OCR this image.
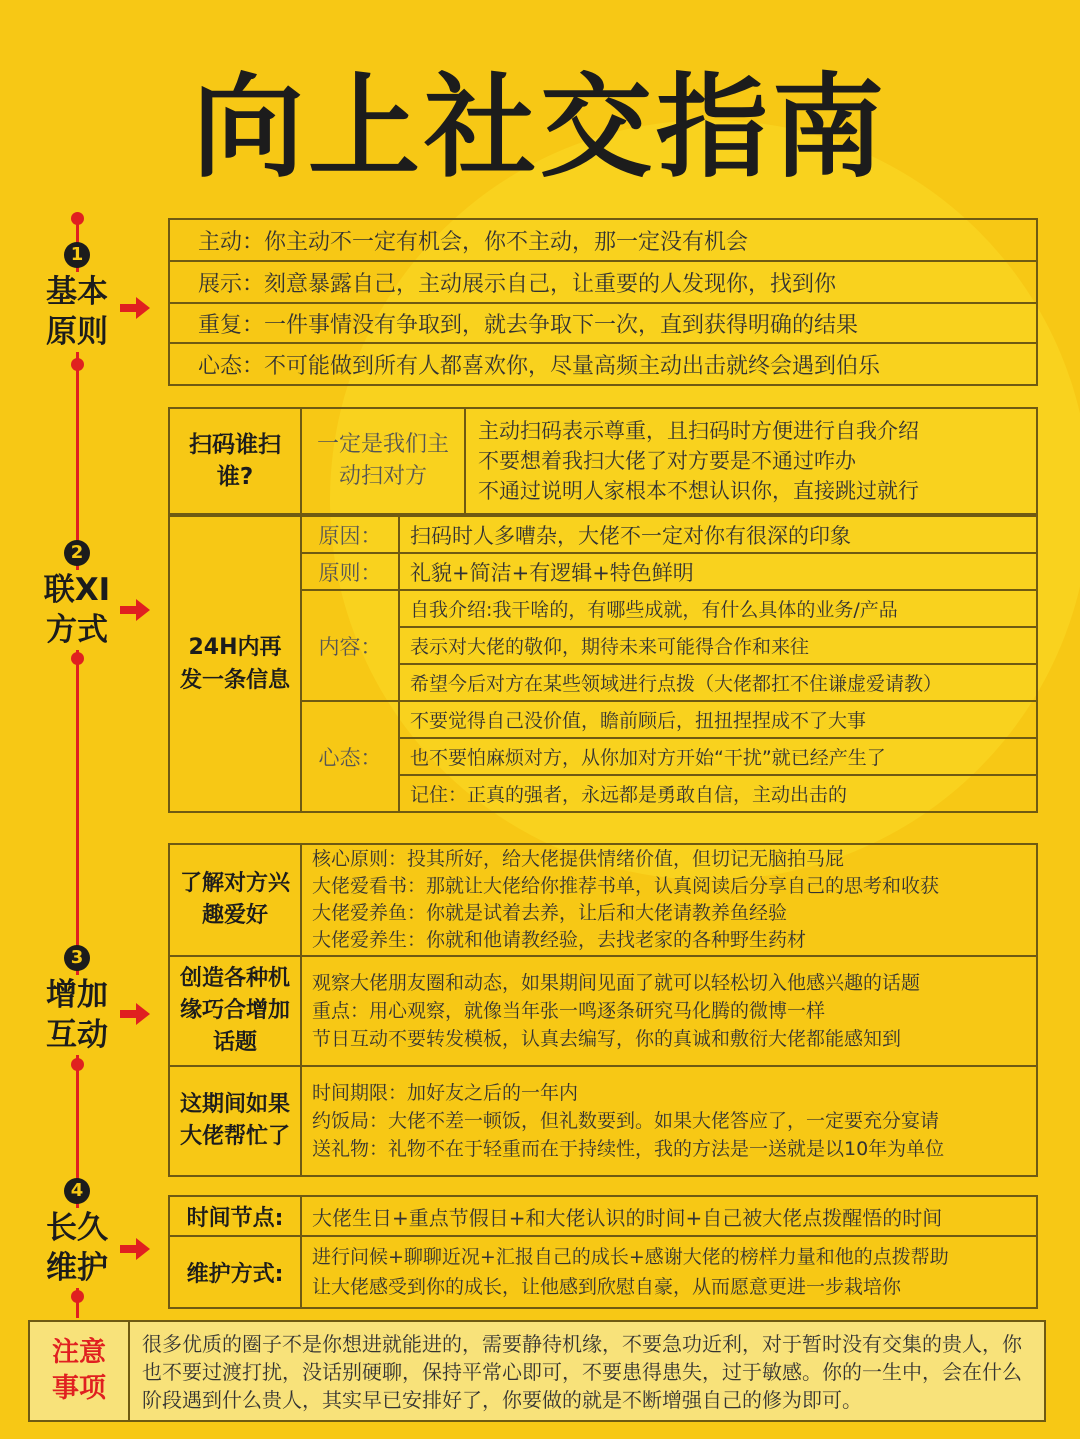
向上社交指南
1
基本原则
2
联XI方式
3
增加互动
4
长久维护
主动：你主动不一定有机会，你不主动，那一定没有机会
展示：刻意暴露自己，主动展示自己，让重要的人发现你，找到你
重复：一件事情没有争取到，就去争取下一次，直到获得明确的结果
心态：不可能做到所有人都喜欢你，尽量高频主动出击就终会遇到伯乐
扫码谁扫谁?	一定是我们主动扫对方	
主动扫码表示尊重，且扫码时方便进行自我介绍
不要想着我扫大佬了对方要是不通过咋办
不通过说明人家根本不想认识你，直接跳过就行
24H内再发一条信息	原因：	扫码时人多嘈杂，大佬不一定对你有很深的印象
	原则：	礼貌+简洁+有逻辑+特色鲜明
	内容：	自我介绍:我干啥的，有哪些成就，有什么具体的业务/产品
		表示对大佬的敬仰，期待未来可能得合作和来往
		希望今后对方在某些领域进行点拨（大佬都扛不住谦虚爱请教）
	心态：	不要觉得自己没价值，瞻前顾后，扭扭捏捏成不了大事
		也不要怕麻烦对方，从你加对方开始“干扰”就已经产生了
		记住：正真的强者，永远都是勇敢自信，主动出击的
了解对方兴趣爱好	核心原则：投其所好，给大佬提供情绪价值，但切记无脑拍马屁
大佬爱看书：那就让大佬给你推荐书单，认真阅读后分享自己的思考和收获
大佬爱养鱼：你就是试着去养，让后和大佬请教养鱼经验
大佬爱养生：你就和他请教经验，去找老家的各种野生药材

创造各种机缘巧合增加话题	观察大佬朋友圈和动态，如果期间见面了就可以轻松切入他感兴趣的话题
重点：用心观察，就像当年张一鸣逐条研究马化腾的微博一样
节日互动不要转发模板，认真去编写，你的真诚和敷衍大佬都能感知到

这期间如果大佬帮忙了	时间期限：加好友之后的一年内
约饭局：大佬不差一顿饭，但礼数要到。如果大佬答应了，一定要充分宴请
送礼物：礼物不在于轻重而在于持续性，我的方法是一送就是以10年为单位
时间节点:	大佬生日+重点节假日+和大佬认识的时间+自己被大佬点拨醒悟的时间
维护方式:	进行问候+聊聊近况+汇报自己的成长+感谢大佬的榜样力量和他的点拨帮助
让大佬感受到你的成长，让他感到欣慰自豪，从而愿意更进一步栽培你
注意事项
很多优质的圈子不是你想进就能进的，需要静待机缘，不要急功近利，对于暂时没有交集的贵人，你也不要过渡打扰，没话别硬聊，保持平常心即可，不要患得患失，过于敏感。你的一生中，会在什么阶段遇到什么贵人，其实早已安排好了，你要做的就是不断增强自己的修为即可。
